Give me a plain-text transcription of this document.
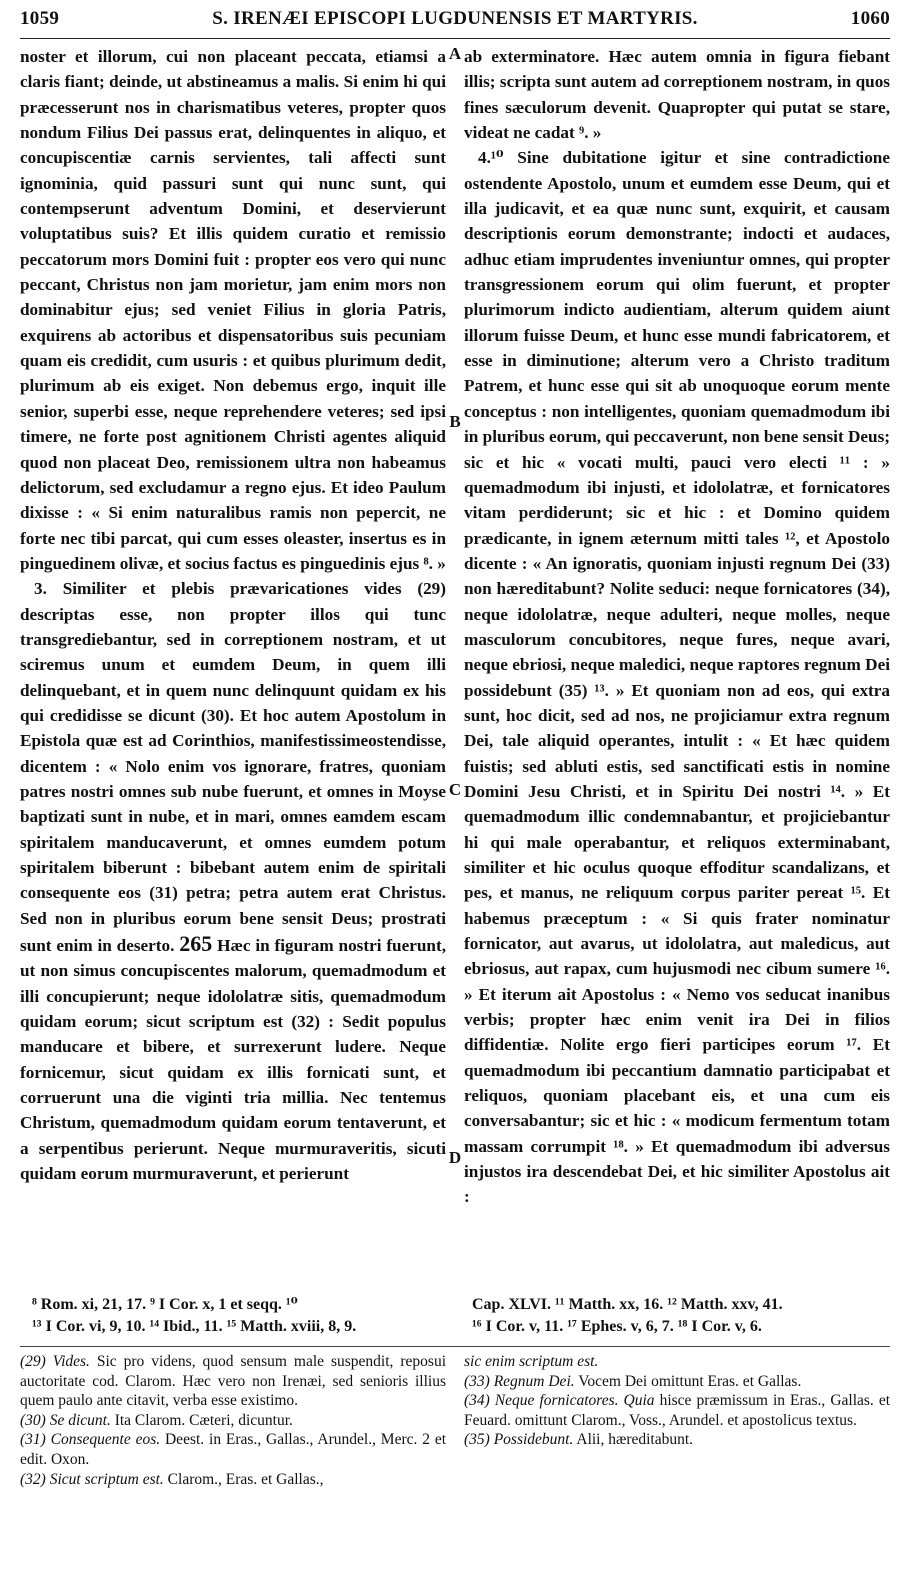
1059	S. IRENÆI EPISCOPI LUGDUNENSIS ET MARTYRIS.	1060

noster et illorum, cui non placeant peccata, etiamsi a claris fiant; deinde, ut abstineamus a malis. Si enim hi qui præcesserunt nos in charismatibus veteres, propter quos nondum Filius Dei passus erat, delinquentes in aliquo, et concupiscentiæ carnis servientes, tali affecti sunt ignominia, quid passuri sunt qui nunc sunt, qui contempserunt adventum Domini, et deservierunt voluptatibus suis? Et illis quidem curatio et remissio peccatorum mors Domini fuit : propter eos vero qui nunc peccant, Christus non jam morietur, jam enim mors non dominabitur ejus; sed veniet Filius in gloria Patris, exquirens ab actoribus et dispensatoribus suis pecuniam quam eis credidit, cum usuris : et quibus plurimum dedit, plurimum ab eis exiget. Non debemus ergo, inquit ille senior, superbi esse, neque reprehendere veteres; sed ipsi timere, ne forte post agnitionem Christi agentes aliquid quod non placeat Deo, remissionem ultra non habeamus delictorum, sed excludamur a regno ejus. Et ideo Paulum dixisse : « Si enim naturalibus ramis non pepercit, ne forte nec tibi parcat, qui cum esses oleaster, insertus es in pinguedinem olivæ, et socius factus es pinguedinis ejus ⁸. »

3. Similiter et plebis prævaricationes vides (29) descriptas esse, non propter illos qui tunc transgrediebantur, sed in correptionem nostram, et ut sciremus unum et eumdem Deum, in quem illi delinquebant, et in quem nunc delinquunt quidam ex his qui credidisse se dicunt (30). Et hoc autem Apostolum in Epistola quæ est ad Corinthios, manifestissimeostendisse, dicentem : « Nolo enim vos ignorare, fratres, quoniam patres nostri omnes sub nube fuerunt, et omnes in Moyse baptizati sunt in nube, et in mari, omnes eamdem escam spiritalem manducaverunt, et omnes eumdem potum spiritalem biberunt : bibebant autem enim de spiritali consequente eos (31) petra; petra autem erat Christus. Sed non in pluribus eorum bene sensit Deus; prostrati sunt enim in deserto. 265 Hæc in figuram nostri fuerunt, ut non simus concupiscentes malorum, quemadmodum et illi concupierunt; neque idololatræ sitis, quemadmodum quidam eorum; sicut scriptum est (32) : Sedit populus manducare et bibere, et surrexerunt ludere. Neque fornicemur, sicut quidam ex illis fornicati sunt, et corruerunt una die viginti tria millia. Nec tentemus Christum, quemadmodum quidam eorum tentaverunt, et a serpentibus perierunt. Neque murmuraveritis, sicuti quidam eorum murmuraverunt, et perierunt

A
B
C
D

ab exterminatore. Hæc autem omnia in figura fiebant illis; scripta sunt autem ad correptionem nostram, in quos fines sæculorum devenit. Quapropter qui putat se stare, videat ne cadat ⁹. »

4.¹⁰ Sine dubitatione igitur et sine contradictione ostendente Apostolo, unum et eumdem esse Deum, qui et illa judicavit, et ea quæ nunc sunt, exquirit, et causam descriptionis eorum demonstrante; indocti et audaces, adhuc etiam imprudentes inveniuntur omnes, qui propter transgressionem eorum qui olim fuerunt, et propter plurimorum indicto audientiam, alterum quidem aiunt illorum fuisse Deum, et hunc esse mundi fabricatorem, et esse in diminutione; alterum vero a Christo traditum Patrem, et hunc esse qui sit ab unoquoque eorum mente conceptus : non intelligentes, quoniam quemadmodum ibi in pluribus eorum, qui peccaverunt, non bene sensit Deus; sic et hic « vocati multi, pauci vero electi ¹¹ : » quemadmodum ibi injusti, et idololatræ, et fornicatores vitam perdiderunt; sic et hic : et Domino quidem prædicante, in ignem æternum mitti tales ¹², et Apostolo dicente : « An ignoratis, quoniam injusti regnum Dei (33) non hæreditabunt? Nolite seduci: neque fornicatores (34), neque idololatræ, neque adulteri, neque molles, neque masculorum concubitores, neque fures, neque avari, neque ebriosi, neque maledici, neque raptores regnum Dei possidebunt (35) ¹³. » Et quoniam non ad eos, qui extra sunt, hoc dicit, sed ad nos, ne projiciamur extra regnum Dei, tale aliquid operantes, intulit : « Et hæc quidem fuistis; sed abluti estis, sed sanctificati estis in nomine Domini Jesu Christi, et in Spiritu Dei nostri ¹⁴. » Et quemadmodum illic condemnabantur, et projiciebantur hi qui male operabantur, et reliquos exterminabant, similiter et hic oculus quoque effoditur scandalizans, et pes, et manus, ne reliquum corpus pariter pereat ¹⁵. Et habemus præceptum : « Si quis frater nominatur fornicator, aut avarus, ut idololatra, aut maledicus, aut ebriosus, aut rapax, cum hujusmodi nec cibum sumere ¹⁶. » Et iterum ait Apostolus : « Nemo vos seducat inanibus verbis; propter hæc enim venit ira Dei in filios diffidentiæ. Nolite ergo fieri participes eorum ¹⁷. Et quemadmodum ibi peccantium damnatio participabat et reliquos, quoniam placebant eis, et una cum eis conversabantur; sic et hic : « modicum fermentum totam massam corrumpit ¹⁸. » Et quemadmodum ibi adversus injustos ira descendebat Dei, et hic similiter Apostolus ait :

⁸ Rom. xi, 21, 17. ⁹ I Cor. x, 1 et seqq. ¹⁰
¹³ I Cor. vi, 9, 10. ¹⁴ Ibid., 11. ¹⁵ Matth. xviii, 8, 9.
Cap. XLVI. ¹¹ Matth. xx, 16. ¹² Matth. xxv, 41.
¹⁶ I Cor. v, 11. ¹⁷ Ephes. v, 6, 7. ¹⁸ I Cor. v, 6.

(29) Vides. Sic pro videns, quod sensum male suspendit, reposui auctoritate cod. Clarom. Hæc vero non Irenæi, sed senioris illius quem paulo ante citavit, verba esse existimo.

(30) Se dicunt. Ita Clarom. Cæteri, dicuntur.

(31) Consequente eos. Deest. in Eras., Gallas., Arundel., Merc. 2 et edit. Oxon.

(32) Sicut scriptum est. Clarom., Eras. et Gallas.,

sic enim scriptum est.

(33) Regnum Dei. Vocem Dei omittunt Eras. et Gallas.

(34) Neque fornicatores. Quia hisce præmissum in Eras., Gallas. et Feuard. omittunt Clarom., Voss., Arundel. et apostolicus textus.

(35) Possidebunt. Alii, hæreditabunt.
